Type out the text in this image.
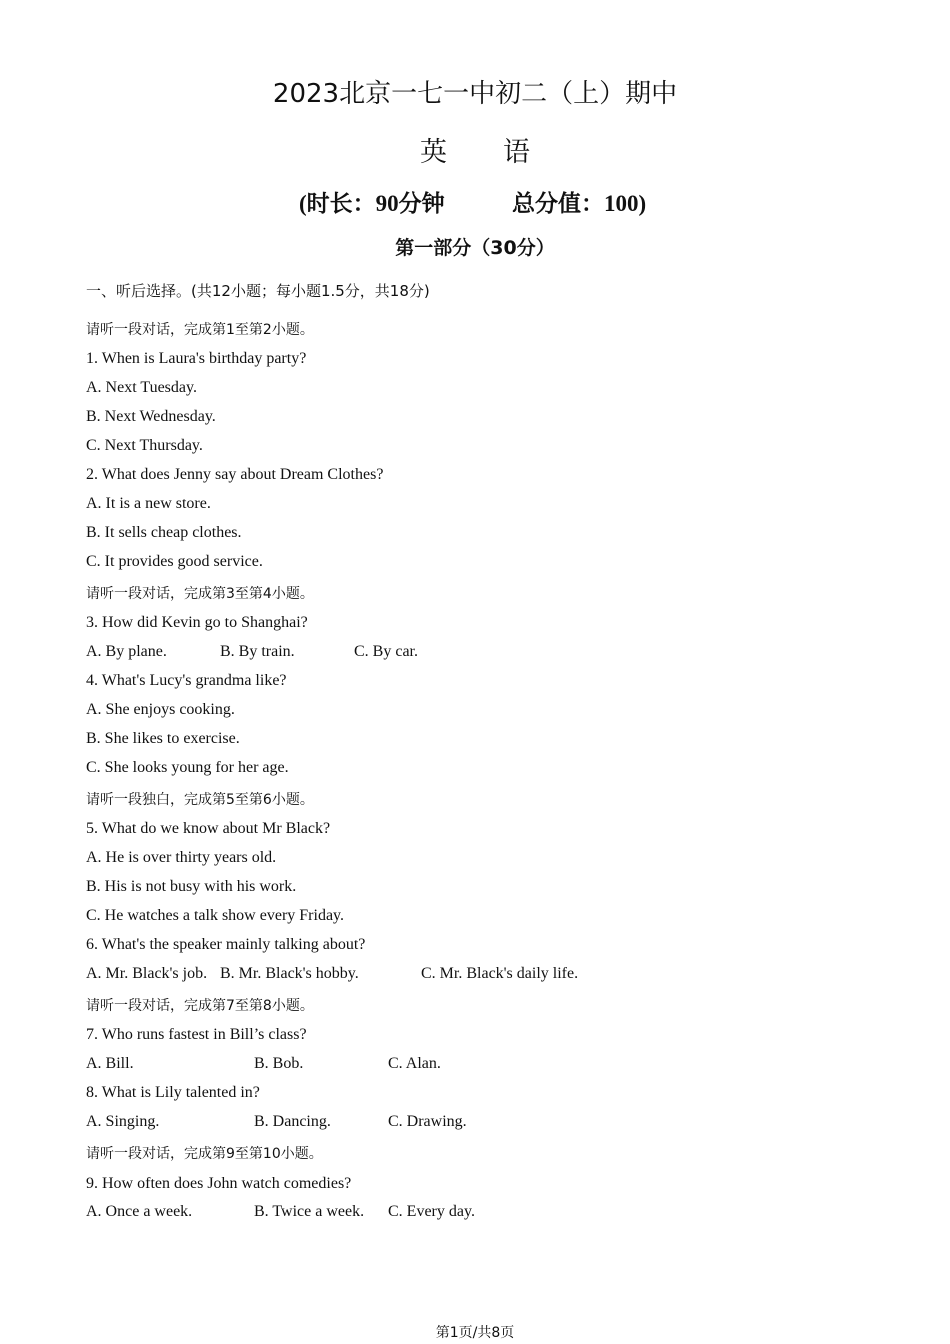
2023北京一七一中初二（上）期中
英语
(时长：90分钟	总分值：100)
第一部分（30分）
一、听后选择。(共12小题；每小题1.5分，共18分)
请听一段对话，完成第1至第2小题。
1. When is Laura's birthday party?
A. Next Tuesday.
B. Next Wednesday.
C. Next Thursday.
2. What does Jenny say about Dream Clothes?
A. It is a new store.
B. It sells cheap clothes.
C. It provides good service.
请听一段对话，完成第3至第4小题。
3. How did Kevin go to Shanghai?
A. By plane.	B. By train.	C. By car.
4. What's Lucy's grandma like?
A. She enjoys cooking.
B. She likes to exercise.
C. She looks young for her age.
请听一段独白，完成第5至第6小题。
5. What do we know about Mr Black?
A. He is over thirty years old.
B. His is not busy with his work.
C. He watches a talk show every Friday.
6. What's the speaker mainly talking about?
A. Mr. Black's job. B. Mr. Black's hobby.	C. Mr. Black's daily life.
请听一段对话，完成第7至第8小题。
7. Who runs fastest in Bill’s class?
A. Bill.	B. Bob.	C. Alan.
8. What is Lily talented in?
A. Singing.	B. Dancing.	C. Drawing.
请听一段对话，完成第9至第10小题。
9. How often does John watch comedies?
A. Once a week.	B. Twice a week. C. Every day.
第1页/共8页
